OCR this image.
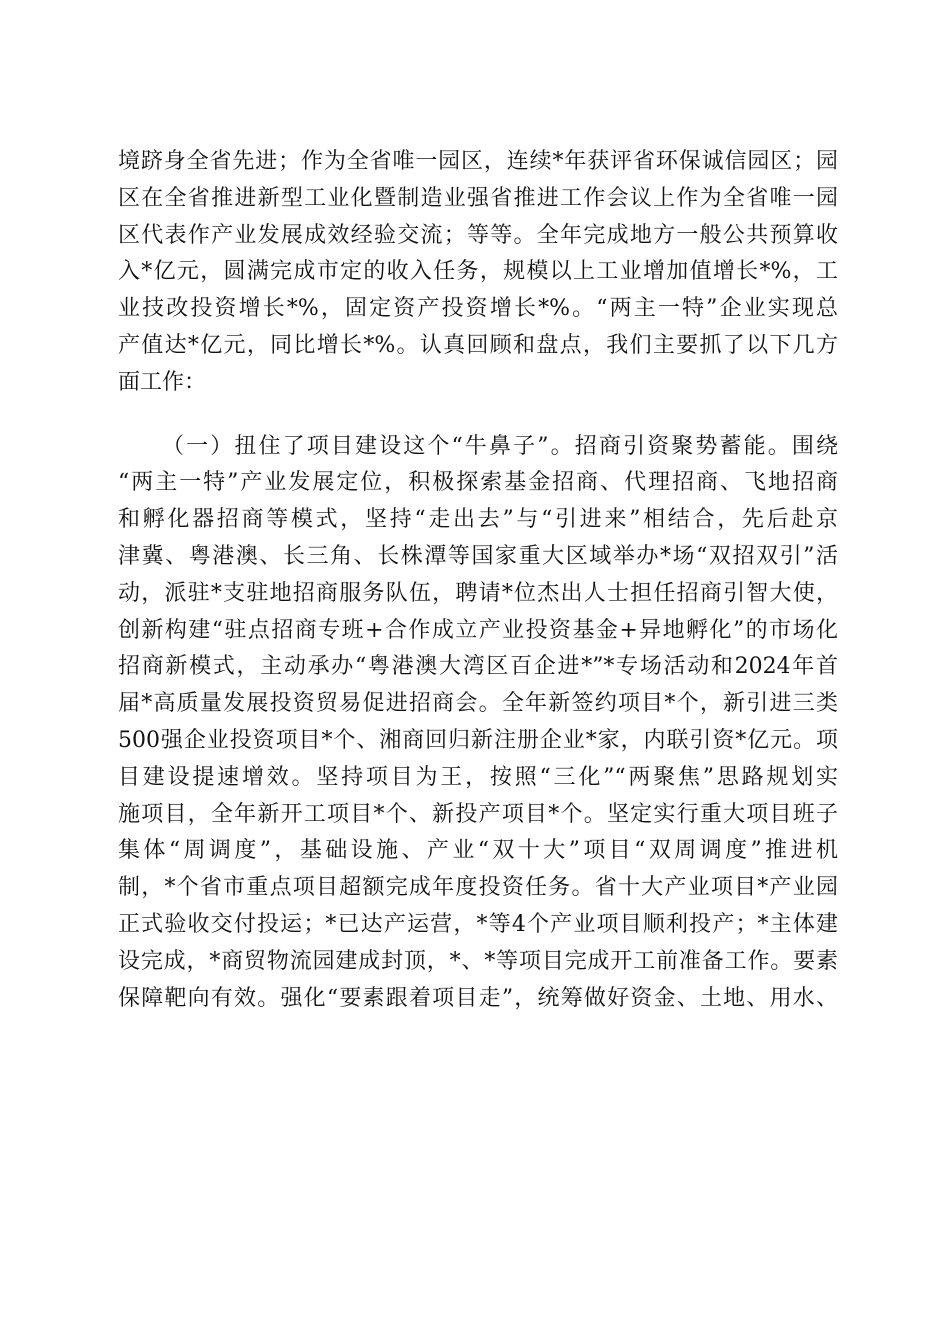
境跻身全省先进；作为全省唯一园区，连续*年获评省环保诚信园区；园
区在全省推进新型工业化暨制造业强省推进工作会议上作为全省唯一园
区代表作产业发展成效经验交流；等等。全年完成地方一般公共预算收
入*亿元，圆满完成市定的收入任务，规模以上工业增加值增长*%，工
业技改投资增长*%，固定资产投资增长*%。“两主一特”企业实现总
产值达*亿元，同比增长*%。认真回顾和盘点，我们主要抓了以下几方
面工作：
（一）扭住了项目建设这个“牛鼻子”。招商引资聚势蓄能。围绕
“两主一特”产业发展定位，积极探索基金招商、代理招商、飞地招商
和孵化器招商等模式，坚持“走出去”与“引进来”相结合，先后赴京
津冀、粤港澳、长三角、长株潭等国家重大区域举办*场“双招双引”活
动，派驻*支驻地招商服务队伍，聘请*位杰出人士担任招商引智大使，
创新构建“驻点招商专班+合作成立产业投资基金+异地孵化”的市场化
招商新模式，主动承办“粤港澳大湾区百企进*”*专场活动和2024年首
届*高质量发展投资贸易促进招商会。全年新签约项目*个，新引进三类
500强企业投资项目*个、湘商回归新注册企业*家，内联引资*亿元。项
目建设提速增效。坚持项目为王，按照“三化”“两聚焦”思路规划实
施项目，全年新开工项目*个、新投产项目*个。坚定实行重大项目班子
集体“周调度”，基础设施、产业“双十大”项目“双周调度”推进机
制，*个省市重点项目超额完成年度投资任务。省十大产业项目*产业园
正式验收交付投运；*已达产运营，*等4个产业项目顺利投产；*主体建
设完成，*商贸物流园建成封顶，*、*等项目完成开工前准备工作。要素
保障靶向有效。强化“要素跟着项目走”，统筹做好资金、土地、用水、
